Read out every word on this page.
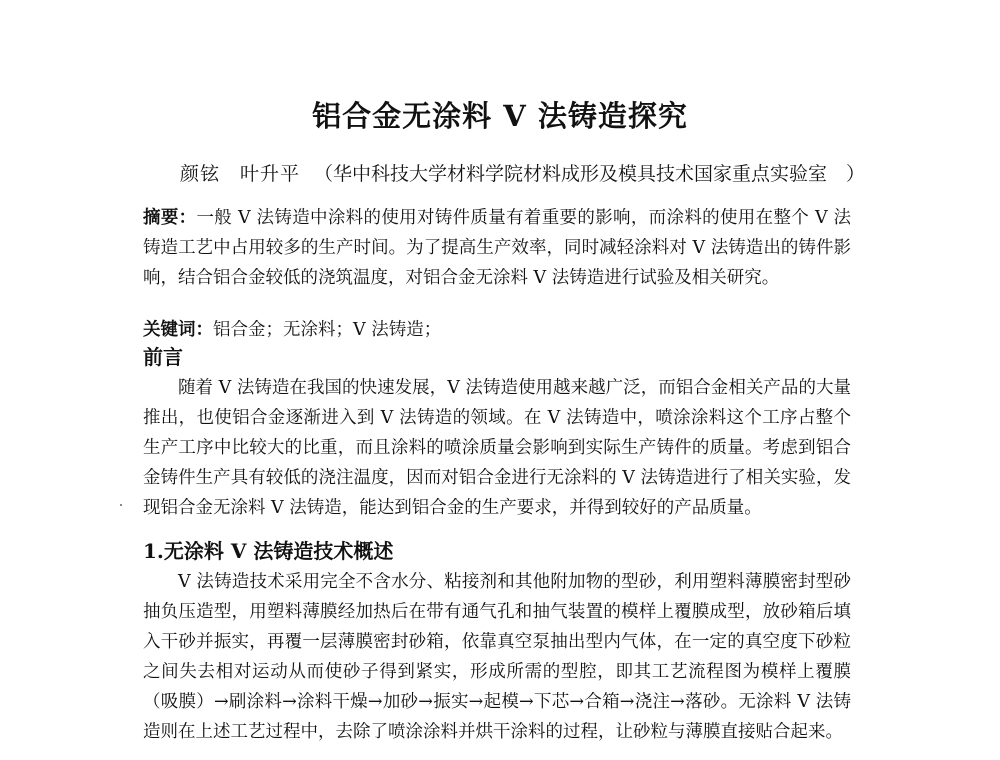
铝合金无涂料 V 法铸造探究
颜铉　叶升平 （华中科技大学材料学院材料成形及模具技术国家重点实验室　）

摘要：一般 V 法铸造中涂料的使用对铸件质量有着重要的影响，而涂料的使用在整个 V 法铸造工艺中占用较多的生产时间。为了提高生产效率，同时减轻涂料对 V 法铸造出的铸件影响，结合铝合金较低的浇筑温度，对铝合金无涂料 V 法铸造进行试验及相关研究。

关键词：铝合金；无涂料；V 法铸造；

前言

随着 V 法铸造在我国的快速发展，V 法铸造使用越来越广泛，而铝合金相关产品的大量推出，也使铝合金逐渐进入到 V 法铸造的领域。在 V 法铸造中，喷涂涂料这个工序占整个生产工序中比较大的比重，而且涂料的喷涂质量会影响到实际生产铸件的质量。考虑到铝合金铸件生产具有较低的浇注温度，因而对铝合金进行无涂料的 V 法铸造进行了相关实验，发现铝合金无涂料 V 法铸造，能达到铝合金的生产要求，并得到较好的产品质量。

1.无涂料 V 法铸造技术概述

V 法铸造技术采用完全不含水分、粘接剂和其他附加物的型砂，利用塑料薄膜密封型砂抽负压造型，用塑料薄膜经加热后在带有通气孔和抽气装置的模样上覆膜成型，放砂箱后填入干砂并振实，再覆一层薄膜密封砂箱，依靠真空泵抽出型内气体，在一定的真空度下砂粒之间失去相对运动从而使砂子得到紧实，形成所需的型腔，即其工艺流程图为模样上覆膜（吸膜）→刷涂料→涂料干燥→加砂→振实→起模→下芯→合箱→浇注→落砂。无涂料 V 法铸造则在上述工艺过程中，去除了喷涂涂料并烘干涂料的过程，让砂粒与薄膜直接贴合起来。
